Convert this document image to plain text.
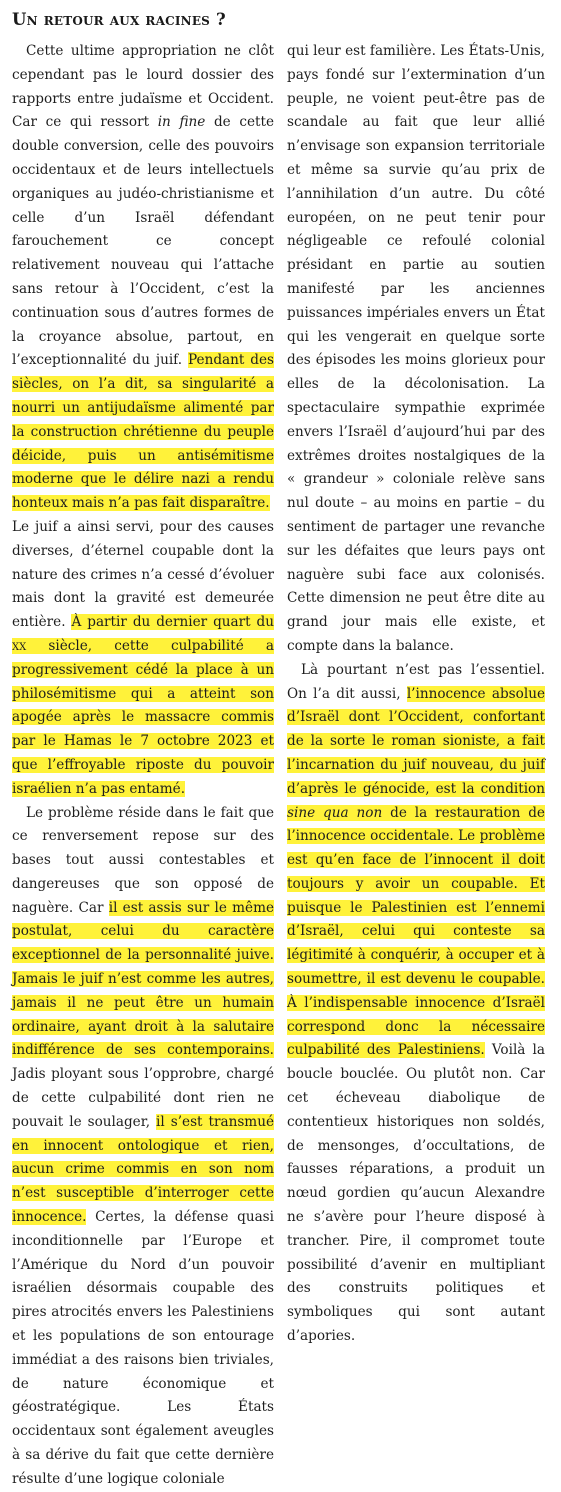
Un retour aux racines ?

Cette ultime appropriation ne clôt cependant pas le lourd dossier des rapports entre judaïsme et Occident. Car ce qui ressort in fine de cette double conversion, celle des pouvoirs occidentaux et de leurs intellectuels organiques au judéo-christianisme et celle d’un Israël défendant farouchement ce concept relativement nouveau qui l’attache sans retour à l’Occident, c’est la continuation sous d’autres formes de la croyance absolue, partout, en l’exceptionnalité du juif. Pendant des siècles, on l’a dit, sa singularité a nourri un antijudaïsme alimenté par la construction chrétienne du peuple déicide, puis un antisémitisme moderne que le délire nazi a rendu honteux mais n’a pas fait disparaître.

Le juif a ainsi servi, pour des causes diverses, d’éternel coupable dont la nature des crimes n’a cessé d’évoluer mais dont la gravité est demeurée entière. À partir du dernier quart du xx siècle, cette culpabilité a progressivement cédé la place à un philosémitisme qui a atteint son apogée après le massacre commis par le Hamas le 7 octobre 2023 et que l’effroyable riposte du pouvoir israélien n’a pas entamé.

Le problème réside dans le fait que ce renversement repose sur des bases tout aussi contestables et dangereuses que son opposé de naguère. Car il est assis sur le même postulat, celui du caractère exceptionnel de la personnalité juive. Jamais le juif n’est comme les autres, jamais il ne peut être un humain ordinaire, ayant droit à la salutaire indifférence de ses contemporains. Jadis ployant sous l’opprobre, chargé de cette culpabilité dont rien ne pouvait le soulager, il s’est transmué en innocent ontologique et rien, aucun crime commis en son nom n’est susceptible d’interroger cette innocence. Certes, la défense quasi inconditionnelle par l’Europe et l’Amérique du Nord d’un pouvoir israélien désormais coupable des pires atrocités envers les Palestiniens et les populations de son entourage immédiat a des raisons bien triviales, de nature économique et géostratégique. Les États occidentaux sont également aveugles à sa dérive du fait que cette dernière résulte d’une logique coloniale

qui leur est familière. Les États-Unis, pays fondé sur l’extermination d’un peuple, ne voient peut-être pas de scandale au fait que leur allié n’envisage son expansion territoriale et même sa survie qu’au prix de l’annihilation d’un autre. Du côté européen, on ne peut tenir pour négligeable ce refoulé colonial présidant en partie au soutien manifesté par les anciennes puissances impériales envers un État qui les vengerait en quelque sorte des épisodes les moins glorieux pour elles de la décolonisation. La spectaculaire sympathie exprimée envers l’Israël d’aujourd’hui par des extrêmes droites nostalgiques de la « grandeur » coloniale relève sans nul doute – au moins en partie – du sentiment de partager une revanche sur les défaites que leurs pays ont naguère subi face aux colonisés. Cette dimension ne peut être dite au grand jour mais elle existe, et compte dans la balance.

Là pourtant n’est pas l’essentiel. On l’a dit aussi, l’innocence absolue d’Israël dont l’Occident, confortant de la sorte le roman sioniste, a fait l’incarnation du juif nouveau, du juif d’après le génocide, est la condition sine qua non de la restauration de l’innocence occidentale. Le problème est qu’en face de l’innocent il doit toujours y avoir un coupable. Et puisque le Palestinien est l’ennemi d’Israël, celui qui conteste sa légitimité à conquérir, à occuper et à soumettre, il est devenu le coupable. À l’indispensable innocence d’Israël correspond donc la nécessaire culpabilité des Palestiniens. Voilà la boucle bouclée. Ou plutôt non. Car cet écheveau diabolique de contentieux historiques non soldés, de mensonges, d’occultations, de fausses réparations, a produit un nœud gordien qu’aucun Alexandre ne s’avère pour l’heure disposé à trancher. Pire, il compromet toute possibilité d’avenir en multipliant des construits politiques et symboliques qui sont autant d’apories.
